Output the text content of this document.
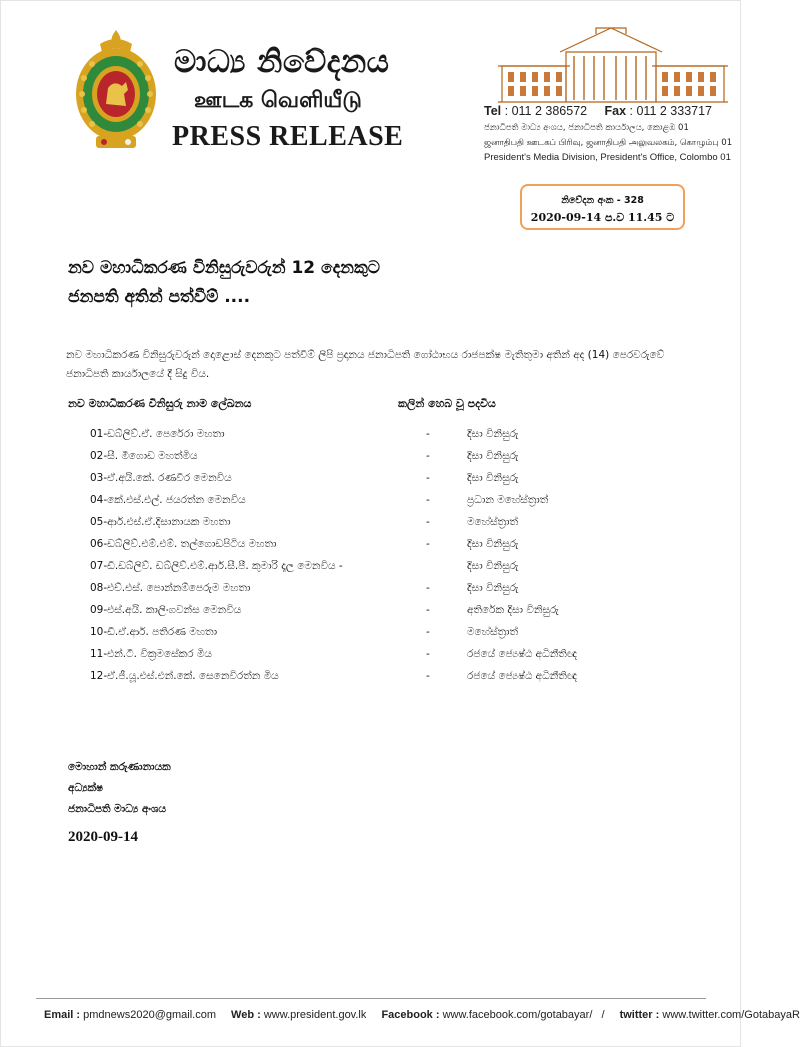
මාධ්‍ය නිවේදනය
ஊடக வெளியீடு
PRESS RELEASE
Tel : 011 2 386572 Fax : 011 2 333717
ජනාධිපති මාධ්‍ය අංශය, ජනාධිපති කාර්යාලය, කොළඹ 01
ஜனாதிபதி ஊடகப் பிரிவு, ஜனாதிபதி அலுவலகம், கொழும்பு 01
President's Media Division, President's Office, Colombo 01
නිවේදන අංක - 328
2020-09-14 ප.ව 11.45 ට
නව මහාධිකරණ විනිසුරුවරුන් 12 දෙනකුට
ජනපති අතින් පත්වීම් ....
නව මහාධිකරණ විනිසුරුවරුන් දොළොස් දෙනකුට පත්වීම් ලිපි ප්‍රදානය ජනාධිපති ගෝඨාභය රාජපක්ෂ මැතිතුමා අතින් අද (14) පෙරවරුවේ ජනාධිපති කාර්යාලයේ දී සිදු විය.
නව මහාධිකරණ විනිසුරු නාම ලේඛනය	කලින් හෙබ වූ පදවිය
01-ඩබ්ලිව්.ඒ. පෙරේරා මහතා	-	දිසා විනිසුරු
02-සී. මීගොඩ මහත්මිය	-	දිසා විනිසුරු
03-ඒ.අයි.කේ. රණවීර මෙනවිය	-	දිසා විනිසුරු
04-කේ.එස්.එල්. ජයරත්න මෙනවිය	-	ප්‍රධාන මහේස්ත්‍රාත්
05-ආර්.එස්.ඒ.දිසානායක මහතා	-	මහේස්ත්‍රාත්
06-ඩබ්ලිව්.එම්.එම්. තල්ගොඩපිටිය මහතා	-	දිසා විනිසුරු
07-ඩී.ඩබ්ලිව්. ඩබ්ලිව්.එම්.ආර්.සී.පී. කුමාරි දෑල මෙනවිය -	දිසා විනිසුරු
08-එච්.එස්. පොන්නම්පෙරුම මහතා	-	දිසා විනිසුරු
09-එස්.අයි. කාලිංගවන්ස මෙනවිය	-	අතිරේක දිසා විනිසුරු
10-ඩී.ඒ.ආර්. පතිරණ මහතා	-	මහේස්ත්‍රාත්
11-එන්.ටී. වික්‍රමසේකර මිය	-	රජයේ ජ්‍යෙෂ්ඨ අධිනීතිඥ
12-ඒ.ජී.යූ.එස්.එන්.කේ. සෙනෙවිරත්න මිය	-	රජයේ ජ්‍යෙෂ්ඨ අධිනීතිඥ
මොහාන් කරුණානායක
අධ්‍යක්ෂ
ජනාධිපති මාධ්‍ය අංශය
2020-09-14
Email : pmdnews2020@gmail.com Web : www.president.gov.lk Facebook : www.facebook.com/gotabayar/ / twitter : www.twitter.com/GotabayaR
